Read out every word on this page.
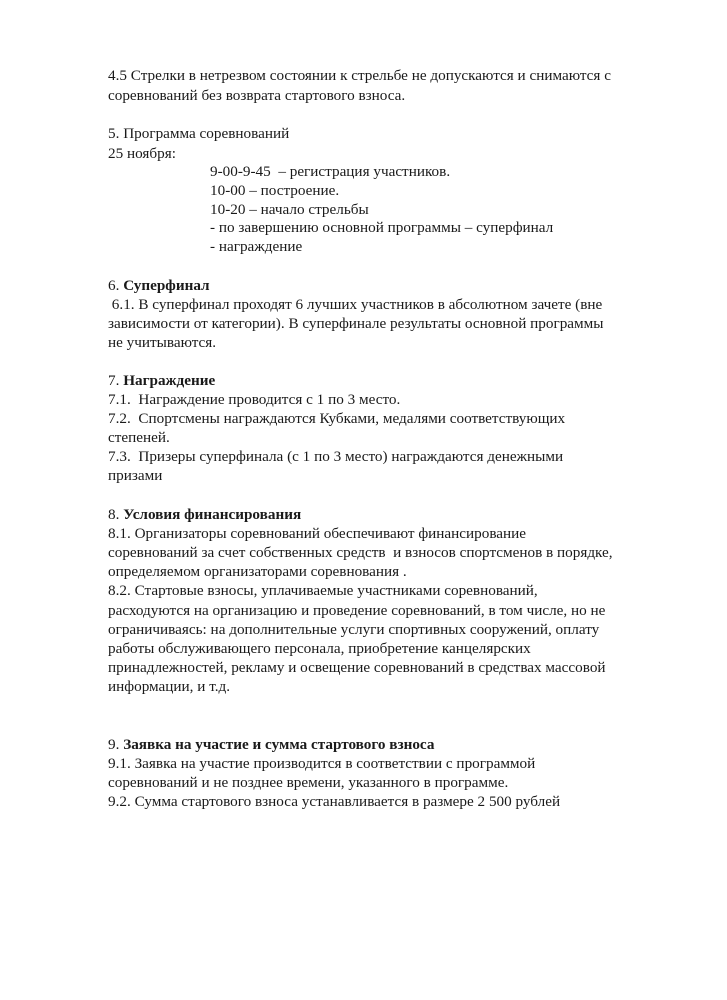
4.5 Стрелки в нетрезвом состоянии к стрельбе не допускаются и снимаются с
соревнований без возврата стартового взноса.
5. Программа соревнований
25 ноября:
9-00-9-45  – регистрация участников.
10-00 – построение.
10-20 – начало стрельбы
- по завершению основной программы – суперфинал
- награждение
6. Суперфинал
6.1. В суперфинал проходят 6 лучших участников в абсолютном зачете (вне
зависимости от категории). В суперфинале результаты основной программы
не учитываются.
7. Награждение
7.1.  Награждение проводится с 1 по 3 место.
7.2.  Спортсмены награждаются Кубками, медалями соответствующих
степеней.
7.3.  Призеры суперфинала (с 1 по 3 место) награждаются денежными
призами
8. Условия финансирования
8.1. Организаторы соревнований обеспечивают финансирование
соревнований за счет собственных средств  и взносов спортсменов в порядке,
определяемом организаторами соревнования .
8.2. Стартовые взносы, уплачиваемые участниками соревнований,
расходуются на организацию и проведение соревнований, в том числе, но не
ограничиваясь: на дополнительные услуги спортивных сооружений, оплату
работы обслуживающего персонала, приобретение канцелярских
принадлежностей, рекламу и освещение соревнований в средствах массовой
информации, и т.д.
9. Заявка на участие и сумма стартового взноса
9.1. Заявка на участие производится в соответствии с программой
соревнований и не позднее времени, указанного в программе.
9.2. Сумма стартового взноса устанавливается в размере 2 500 рублей
